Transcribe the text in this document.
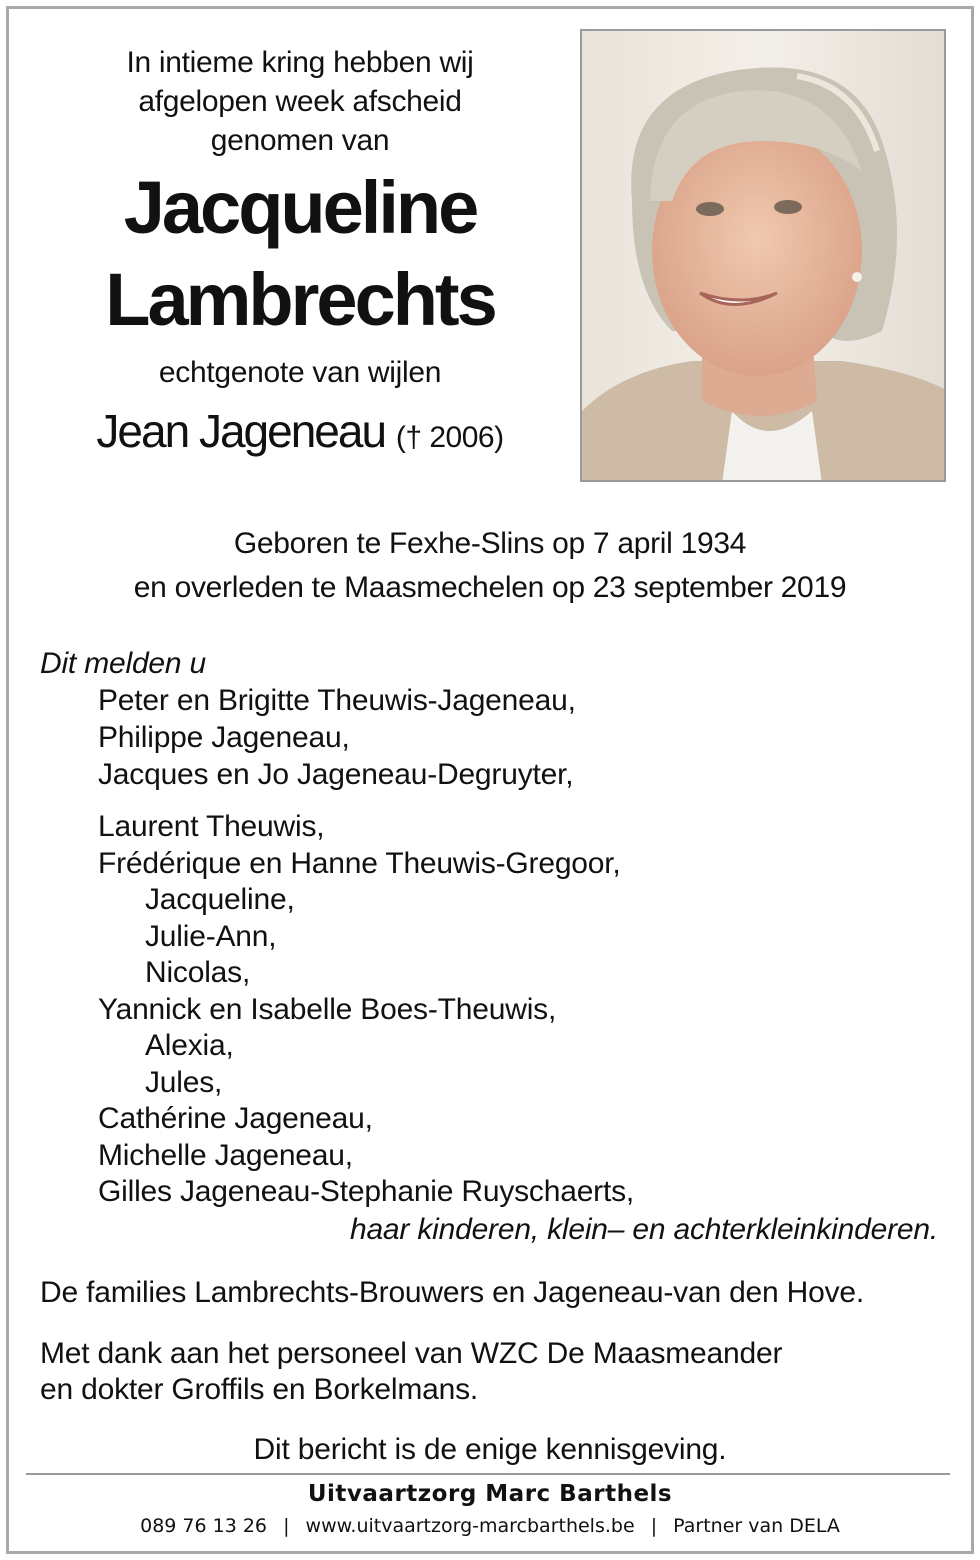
In intieme kring hebben wij
afgelopen week afscheid
genomen van
Jacqueline
Lambrechts
echtgenote van wijlen
Jean Jageneau († 2006)
Geboren te Fexhe-Slins op 7 april 1934
en overleden te Maasmechelen op 23 september 2019
Dit melden u
Peter en Brigitte Theuwis-Jageneau,
Philippe Jageneau,
Jacques en Jo Jageneau-Degruyter,
Laurent Theuwis,
Frédérique en Hanne Theuwis-Gregoor,
Jacqueline,
Julie-Ann,
Nicolas,
Yannick en Isabelle Boes-Theuwis,
Alexia,
Jules,
Cathérine Jageneau,
Michelle Jageneau,
Gilles Jageneau-Stephanie Ruyschaerts,
haar kinderen, klein– en achterkleinkinderen.
De families Lambrechts-Brouwers en Jageneau-van den Hove.
Met dank aan het personeel van WZC De Maasmeander
en dokter Groffils en Borkelmans.
Dit bericht is de enige kennisgeving.
Uitvaartzorg Marc Barthels
089 76 13 26 | www.uitvaartzorg-marcbarthels.be | Partner van DELA
